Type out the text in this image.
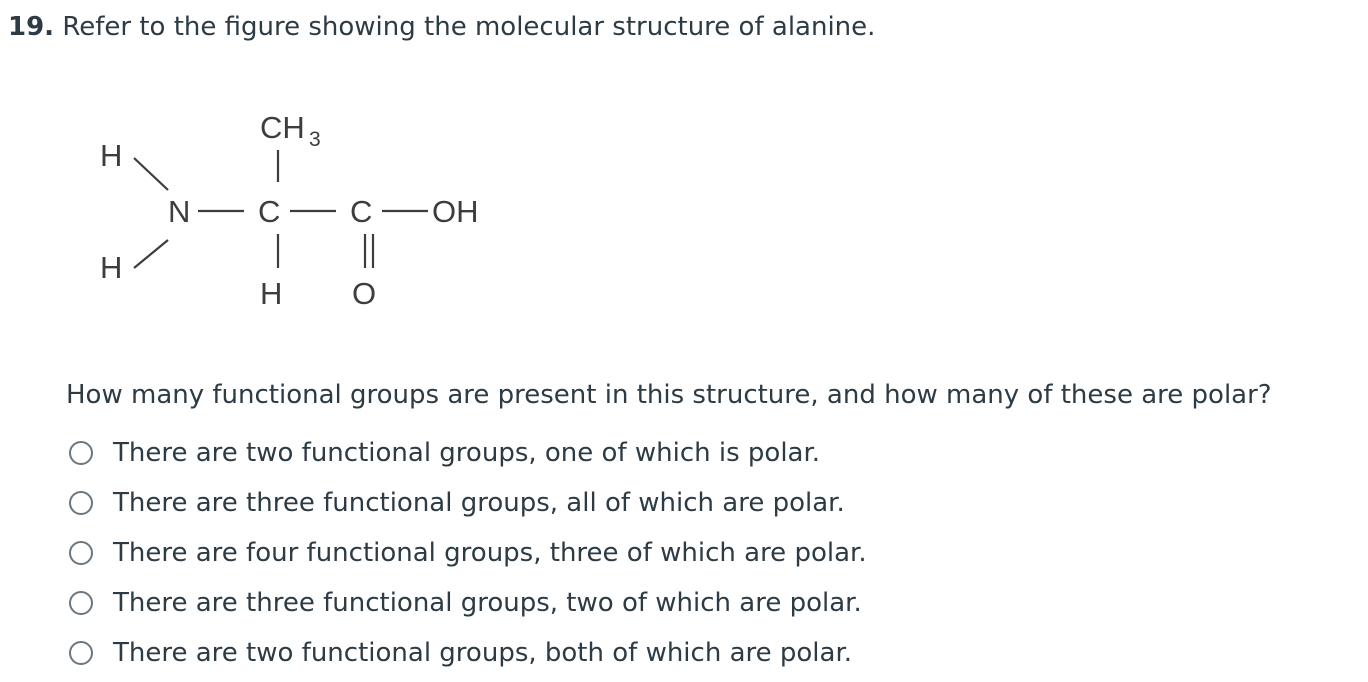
19. Refer to the figure showing the molecular structure of alanine.
H
H
N
CH 3
C C OH
H O
How many functional groups are present in this structure, and how many of these are polar?
There are two functional groups, one of which is polar.
There are three functional groups, all of which are polar.
There are four functional groups, three of which are polar.
There are three functional groups, two of which are polar.
There are two functional groups, both of which are polar.
